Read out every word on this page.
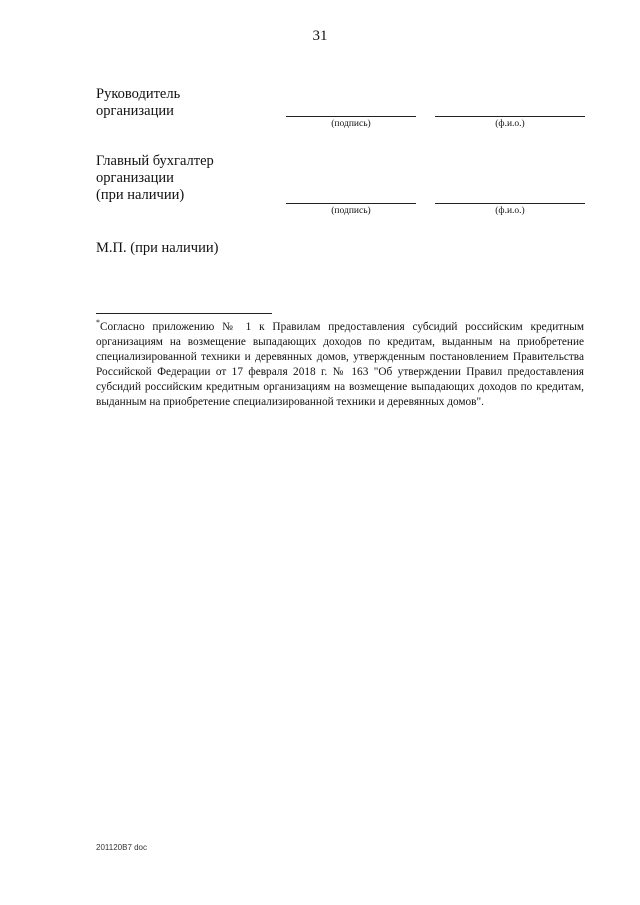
31
Руководитель
организации
(подпись)	(ф.и.о.)
Главный бухгалтер
организации
(при наличии)
(подпись)	(ф.и.о.)
М.П. (при наличии)
*Согласно приложению № 1 к Правилам предоставления субсидий российским кредитным организациям на возмещение выпадающих доходов по кредитам, выданным на приобретение специализированной техники и деревянных домов, утвержденным постановлением Правительства Российской Федерации от 17 февраля 2018 г. № 163 "Об утверждении Правил предоставления субсидий российским кредитным организациям на возмещение выпадающих доходов по кредитам, выданным на приобретение специализированной техники и деревянных домов".
201120В7 doc
